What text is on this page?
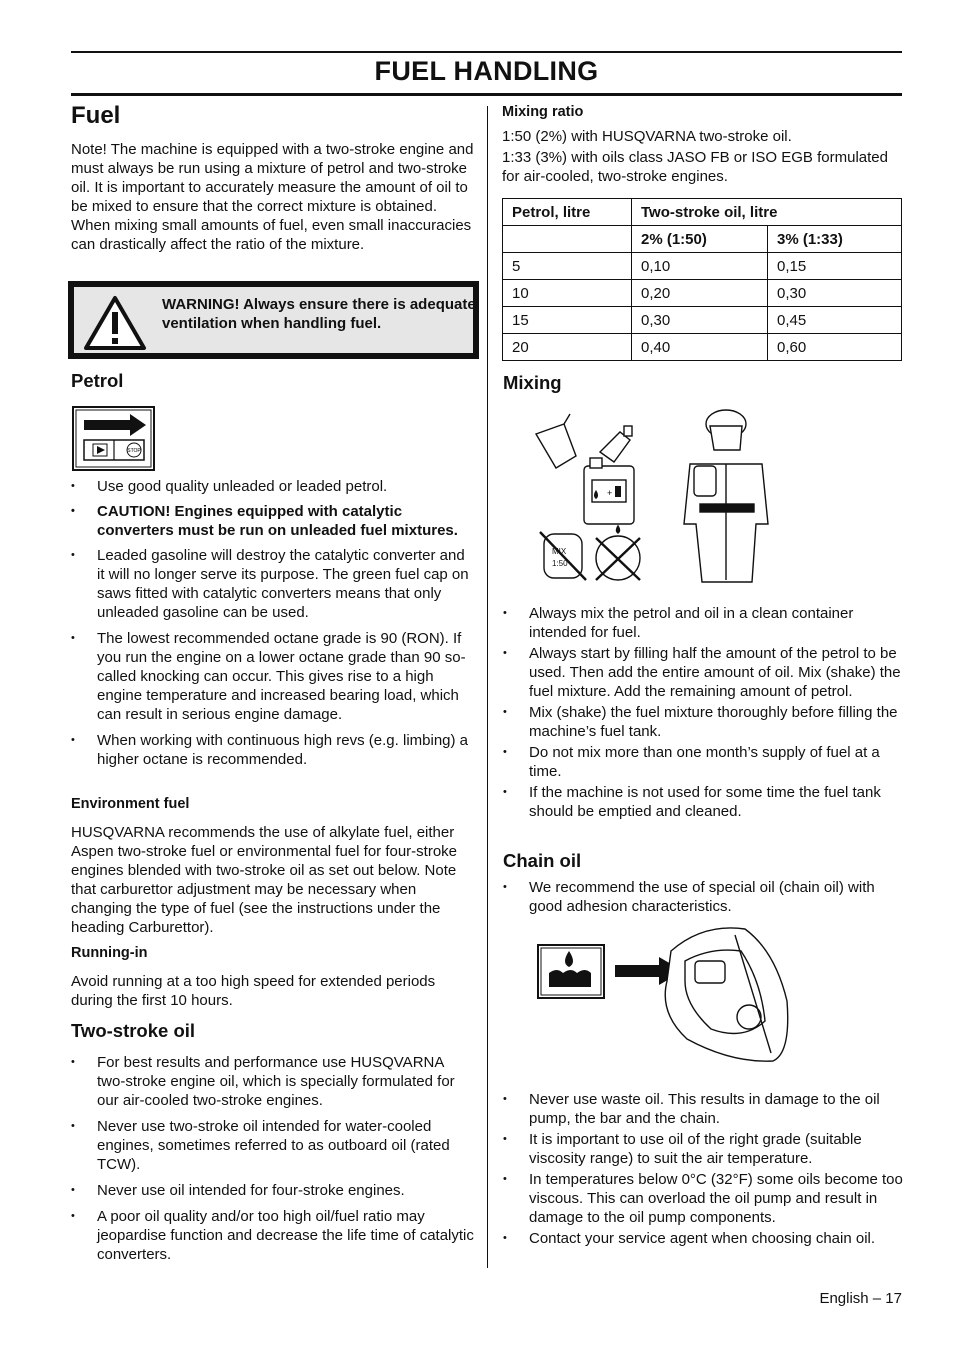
FUEL HANDLING
Fuel

Note! The machine is equipped with a two-stroke engine and must always be run using a mixture of petrol and two-stroke oil. It is important to accurately measure the amount of oil to be mixed to ensure that the correct mixture is obtained. When mixing small amounts of fuel, even small inaccuracies can drastically affect the ratio of the mixture.

WARNING! Always ensure there is adequate ventilation when handling fuel.
Petrol
STOP
• Use good quality unleaded or leaded petrol.
• CAUTION! Engines equipped with catalytic converters must be run on unleaded fuel mixtures.
• Leaded gasoline will destroy the catalytic converter and it will no longer serve its purpose. The green fuel cap on saws fitted with catalytic converters means that only unleaded gasoline can be used.
• The lowest recommended octane grade is 90 (RON). If you run the engine on a lower octane grade than 90 so-called knocking can occur. This gives rise to a high engine temperature and increased bearing load, which can result in serious engine damage.
• When working with continuous high revs (e.g. limbing) a higher octane is recommended.
Environment fuel

HUSQVARNA recommends the use of alkylate fuel, either Aspen two-stroke fuel or environmental fuel for four-stroke engines blended with two-stroke oil as set out below. Note that carburettor adjustment may be necessary when changing the type of fuel (see the instructions under the heading Carburettor).

Running-in

Avoid running at a too high speed for extended periods during the first 10 hours.

Two-stroke oil
• For best results and performance use HUSQVARNA two-stroke engine oil, which is specially formulated for our air-cooled two-stroke engines.
• Never use two-stroke oil intended for water-cooled engines, sometimes referred to as outboard oil (rated TCW).
• Never use oil intended for four-stroke engines.
• A poor oil quality and/or too high oil/fuel ratio may jeopardise function and decrease the life time of catalytic converters.
Mixing ratio

1:50 (2%) with HUSQVARNA two-stroke oil.

1:33 (3%) with oils class JASO FB or ISO EGB formulated for air-cooled, two-stroke engines.

Petrol, litre	Two-stroke oil, litre	
	2% (1:50)	3% (1:33)
5	0,10	0,15
10	0,20	0,30
15	0,30	0,45
20	0,40	0,60
Mixing
+
MIX
1:50
• Always mix the petrol and oil in a clean container intended for fuel.
• Always start by filling half the amount of the petrol to be used. Then add the entire amount of oil. Mix (shake) the fuel mixture. Add the remaining amount of petrol.
• Mix (shake) the fuel mixture thoroughly before filling the machine’s fuel tank.
• Do not mix more than one month’s supply of fuel at a time.
• If the machine is not used for some time the fuel tank should be emptied and cleaned.
Chain oil
• We recommend the use of special oil (chain oil) with good adhesion characteristics.
• Never use waste oil. This results in damage to the oil pump, the bar and the chain.
• It is important to use oil of the right grade (suitable viscosity range) to suit the air temperature.
• In temperatures below 0°C (32°F) some oils become too viscous. This can overload the oil pump and result in damage to the oil pump components.
• Contact your service agent when choosing chain oil.
English – 17
